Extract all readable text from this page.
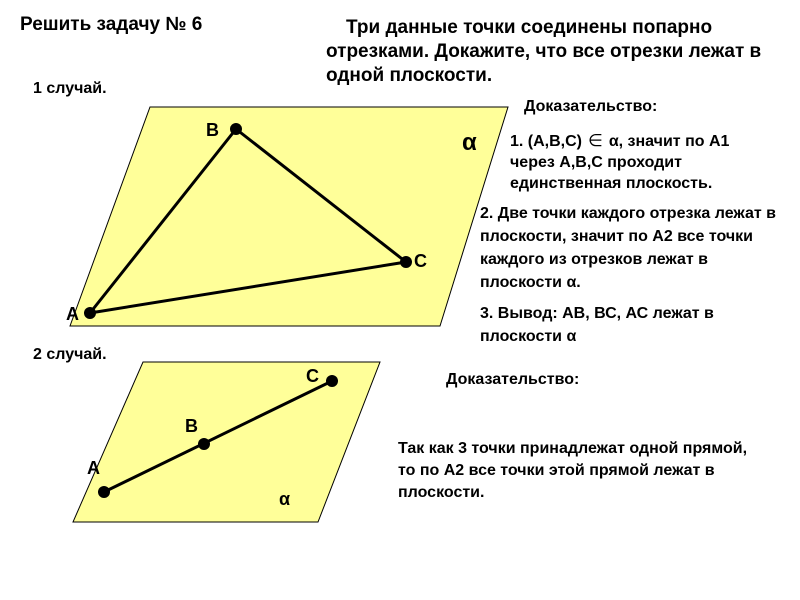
A
B
C
α
A
B
C
α

Решить задачу № 6	Три данные точки соединены попарно отрезками. Докажите, что все отрезки лежат в одной плоскости.

1 случай.

Доказательство:

1. (A,B,C) ∈ α, значит по А1
через А,В,С проходит
единственная плоскость.

2. Две точки каждого отрезка лежат в плоскости, значит по А2 все точки каждого из отрезков лежат в плоскости α.

3. Вывод: АВ, ВС, АС лежат в плоскости α

2 случай.

Доказательство:

Так как 3 точки принадлежат одной прямой, то по А2 все точки этой прямой лежат в плоскости.
